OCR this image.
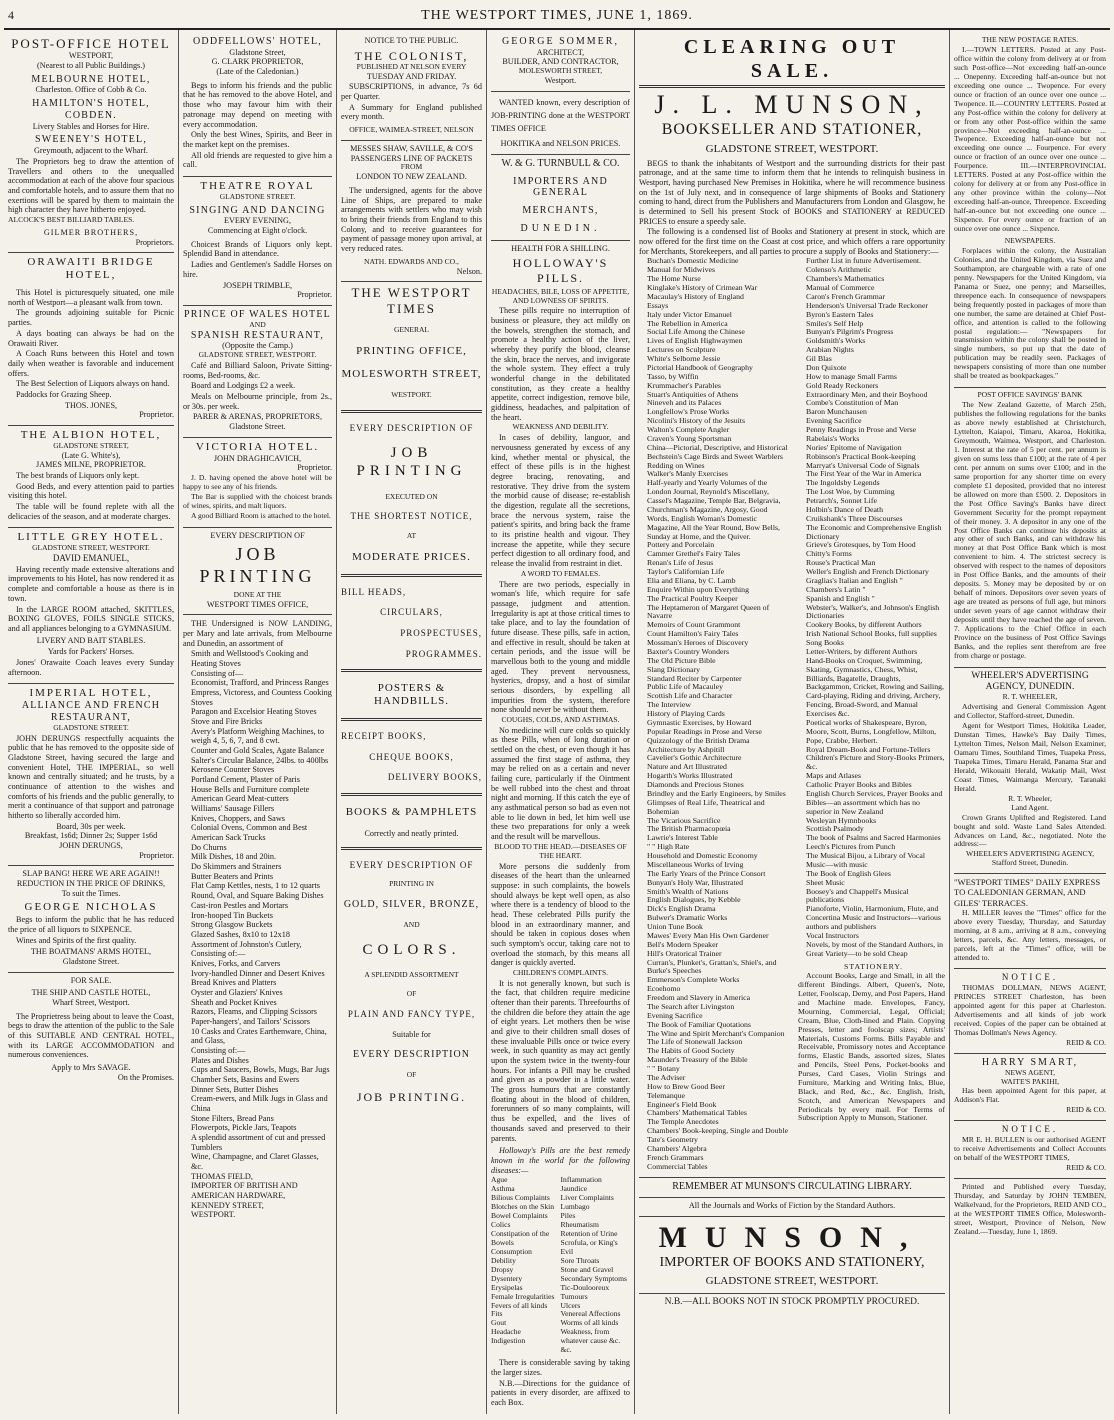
4	THE WESTPORT TIMES, JUNE 1, 1869.
POST-OFFICE HOTEL
WESTPORT,
(Nearest to all Public Buildings.)
MELBOURNE HOTEL,
Charleston. Office of Cobb & Co.
HAMILTON'S HOTEL, COBDEN.
Livery Stables and Horses for Hire.
SWEENEY'S HOTEL,
Greymouth, adjacent to the Wharf.

The Proprietors beg to draw the attention of Travellers and others to the unequalled accommodation at each of the above four spacious and comfortable hotels, and to assure them that no exertions will be spared by them to maintain the high character they have hitherto enjoyed.

ALCOCK'S BEST BILLIARD TABLES.
GILMER BROTHERS,
Proprietors.
ORAWAITI BRIDGE HOTEL,

This Hotel is picturesquely situated, one mile north of Westport—a pleasant walk from town.

The grounds adjoining suitable for Picnic parties.

A days boating can always be had on the Orawaiti River.

A Coach Runs between this Hotel and town daily when weather is favorable and inducement offers.

The Best Selection of Liquors always on hand.

Paddocks for Grazing Sheep.

THOS. JONES,
Proprietor.
THE ALBION HOTEL,
GLADSTONE STREET,
(Late G. White's),
JAMES MILNE, PROPRIETOR.

The best brands of Liquors only kept.

Good Beds, and every attention paid to parties visiting this hotel.

The table will be found replete with all the delicacies of the season, and at moderate charges.

LITTLE GREY HOTEL.
GLADSTONE STREET, WESTPORT.
DAVID EMANUEL,

Having recently made extensive alterations and improvements to his Hotel, has now rendered it as complete and comfortable a house as there is in town.

In the LARGE ROOM attached, SKITTLES, BOXING GLOVES, FOILS SINGLE STICKS, and all appliances belonging to a GYMNASIUM.

LIVERY AND BAIT STABLES.
Yards for Packers' Horses.

Jones' Orawaite Coach leaves every Sunday afternoon.

IMPERIAL HOTEL,
ALLIANCE AND FRENCH
RESTAURANT,
GLADSTONE STREET.

JOHN DERUNGS respectfully acquaints the public that he has removed to the opposite side of Gladstone Street, having secured the large and convenient Hotel, THE IMPERIAL, so well known and centrally situated; and he trusts, by a continuance of attention to the wishes and comforts of his friends and the public generally, to merit a continuance of that support and patronage hitherto so liberally accorded him.

Board, 30s per week.
Breakfast, 1s6d; Dinner 2s; Supper 1s6d
JOHN DERUNGS,
Proprietor.
SLAP BANG! HERE WE ARE AGAIN!!
REDUCTION IN THE PRICE OF DRINKS,
To suit the Times.
GEORGE NICHOLAS

Begs to inform the public that he has reduced the price of all liquors to SIXPENCE.

Wines and Spirits of the first quality.

THE BOATMANS' ARMS HOTEL,
Gladstone Street.
FOR SALE.
THE SHIP AND CASTLE HOTEL,
Wharf Street, Westport.

The Proprietress being about to leave the Coast, begs to draw the attention of the public to the Sale of this SUITABLE AND CENTRAL HOTEL, with its LARGE ACCOMMODATION and numerous conveniences.

Apply to Mrs SAVAGE.
On the Promises.
ODDFELLOWS' HOTEL,
Gladstone Street,
G. CLARK PROPRIETOR,
(Late of the Caledonian.)

Begs to inform his friends and the public that he has removed to the above Hotel, and those who may favour him with their patronage may depend on meeting with every accommodation.

Only the best Wines, Spirits, and Beer in the market kept on the premises.

All old friends are requested to give him a call.

THEATRE ROYAL
GLADSTONE STREET.
SINGING AND DANCING
EVERY EVENING,
Commencing at Eight o'clock.

Choicest Brands of Liquors only kept. Splendid Band in attendance.

Ladies and Gentlemen's Saddle Horses on hire.

JOSEPH TRIMBLE,
Proprietor.
PRINCE OF WALES HOTEL
AND
SPANISH RESTAURANT,
(Opposite the Camp.)
GLADSTONE STREET, WESTPORT.

Café and Billiard Saloon, Private Sitting-rooms, Bed-rooms, &c.

Board and Lodgings £2 a week.

Meals on Melbourne principle, from 2s., or 30s. per week.

PARER & ARENAS, PROPRIETORS,
Gladstone Street.
VICTORIA HOTEL.
JOHN DRAGHICAVICH,
Proprietor.

J. D. having opened the above hotel will be happy to see any of his friends.

The Bar is supplied with the choicest brands of wines, spirits, and malt liquors.

A good Billiard Room is attached to the hotel.

EVERY DESCRIPTION OF
JOB PRINTING
DONE AT THE
WESTPORT TIMES OFFICE,

THE Undersigned is NOW LANDING, per Mary and late arrivals, from Melbourne and Dunedin, an assortment of

Smith and Wellstood's Cooking and Heating Stoves
Consisting of—
Economist, Trafford, and Princess Ranges
Empress, Victoress, and Countess Cooking Stoves
Paragon and Excelsior Heating Stoves
Stove and Fire Bricks
Avery's Platform Weighing Machines, to weigh 4, 5, 6, 7, and 8 cwt.
Counter and Gold Scales, Agate Balance
Salter's Circular Balance, 24lbs. to 400lbs
Kerosene Counter Stoves
Portland Cement, Plaster of Paris
House Bells and Furniture complete
American Geard Meat-cutters
Williams' Sausage Fillers
Knives, Choppers, and Saws
Colonial Ovens, Common and Best
American Sack Trucks
Do Churns
Milk Dishes, 18 and 20in.
Do Skimmers and Strainers
Butter Beaters and Prints
Flat Camp Kettles, nests, 1 to 12 quarts
Round, Oval, and Square Baking Dishes
Cast-iron Pestles and Mortars
Iron-hooped Tin Buckets
Strong Glasgow Buckets
Glazed Sashes, 8x10 to 12x18
Assortment of Johnston's Cutlery, Consisting of:—
Knives, Forks, and Carvers
Ivory-handled Dinner and Desert Knives
Bread Knives and Platters
Oyster and Glaziers' Knives
Sheath and Pocket Knives
Razors, Fleams, and Clipping Scissors
Paper-hangers', and Tailors' Scissors
10 Casks and Crates Earthenware, China, and Glass,
Consisting of:—
Plates and Dishes
Cups and Saucers, Bowls, Mugs, Bar Jugs
Chamber Sets, Basins and Ewers
Dinner Sets, Butter Dishes
Cream-ewers, and Milk Jugs in Glass and China
Stone Filters, Bread Pans
Flowerpots, Pickle Jars, Teapots
A splendid assortment of cut and pressed Tumblers
Wine, Champagne, and Claret Glasses, &c.
THOMAS FIELD,
IMPORTER OF BRITISH AND AMERICAN HARDWARE,
KENNEDY STREET,
WESTPORT.
NOTICE TO THE PUBLIC.
THE COLONIST,
PUBLISHED AT NELSON EVERY
TUESDAY AND FRIDAY.

SUBSCRIPTIONS, in advance, 7s 6d per Quarter.

A Summary for England published every month.

OFFICE, WAIMEA-STREET, NELSON
MESSES SHAW, SAVILLE, & CO'S PASSENGERS LINE OF PACKETS
FROM
LONDON TO NEW ZEALAND.

The undersigned, agents for the above Line of Ships, are prepared to make arrangements with settlers who may wish to bring their friends from England to this Colony, and to receive guarantees for payment of passage money upon arrival, at very reduced rates.

NATH. EDWARDS AND CO.,
Nelson.
THE WESTPORT TIMES
GENERAL
PRINTING OFFICE,
MOLESWORTH STREET,
WESTPORT.
EVERY DESCRIPTION OF
JOB PRINTING
EXECUTED ON
THE SHORTEST NOTICE,
AT
MODERATE PRICES.
BILL HEADS,
CIRCULARS,
PROSPECTUSES,
PROGRAMMES.
POSTERS & HANDBILLS.
RECEIPT BOOKS,
CHEQUE BOOKS,
DELIVERY BOOKS,
BOOKS & PAMPHLETS
Correctly and neatly printed.
EVERY DESCRIPTION OF
PRINTING IN
GOLD, SILVER, BRONZE,
AND
COLORS.
A SPLENDID ASSORTMENT
OF
PLAIN AND FANCY TYPE,
Suitable for
EVERY DESCRIPTION
OF
JOB PRINTING.
GEORGE SOMMER,
ARCHITECT,
BUILDER, AND CONTRACTOR,
MOLESWORTH STREET,
Westport.

WANTED known, every description of JOB-PRINTING done at the WESTPORT TIMES OFFICE

HOKITIKA and NELSON PRICES.
W. & G. TURNBULL & CO.
IMPORTERS AND GENERAL
MERCHANTS,
DUNEDIN.
HEALTH FOR A SHILLING.
HOLLOWAY'S PILLS.
HEADACHES, BILE, LOSS OF APPETITE, AND LOWNESS OF SPIRITS.

These pills require no interruption of business or pleasure, they act mildly on the bowels, strengthen the stomach, and promote a healthy action of the liver, whereby they purify the blood, cleanse the skin, brace the nerves, and invigorate the whole system. They effect a truly wonderful change in the debilitated constitution, as they create a healthy appetite, correct indigestion, remove bile, giddiness, headaches, and palpitation of the heart.

WEAKNESS AND DEBILITY.

In cases of debility, languor, and nervousness generated by excess of any kind, whether mental or physical, the effect of these pills is in the highest degree bracing, renovating, and restorative. They drive from the system the morbid cause of disease; re-establish the digestion, regulate all the secretions, brace the nervous system, raise the patient's spirits, and bring back the frame to its pristine health and vigour. They increase the appetite, while they secure perfect digestion to all ordinary food, and release the invalid from restraint in diet.

A WORD TO FEMALES.

There are two periods, especially in woman's life, which require for safe passage, judgment and attention. Irregularity is apt at those critical times to take place, and to lay the foundation of future disease. These pills, safe in action, and effective in result, should be taken at certain periods, and the issue will be marvellous both to the young and middle aged. They prevent nervousness, hysterics, dropsy, and a host of similar serious disorders, by expelling all impurities from the system, therefore none should never be without them.

COUGHS, COLDS, AND ASTHMAS.

No medicine will cure colds so quickly as these Pills, when of long duration or settled on the chest, or even though it has assumed the first stage of asthma, they may be relied on as a certain and never failing cure, particularly if the Ointment be well rubbed into the chest and throat night and morning. If this catch the eye of any asthmatical person so bad as even not able to lie down in bed, let him well use these two preparations for only a week and the result will be marvellous.

BLOOD TO THE HEAD.—DISEASES OF THE HEART.

More persons die suddenly from diseases of the heart than the unlearned suppose: in such complaints, the bowels should always be kept well open, as also where there is a tendency of blood to the head. These celebrated Pills purify the blood in an extraordinary manner, and should be taken in copious doses when such symptom's occur, taking care not to overload the stomach, by this means all danger is quickly averted.

CHILDREN'S COMPLAINTS.

It is not generally known, but such is the fact, that children require medicine oftener than their parents. Threefourths of the children die before they attain the age of eight years. Let mothers then be wise and give to their children small doses of these invaluable Pills once or twice every week, in such quantity as may act gently upon the system twice in the twenty-four hours. For infants a Pill may be crushed and given as a powder in a little water. The gross humours that are constantly floating about in the blood of children, forerunners of so many complaints, will thus be expelled, and the lives of thousands saved and preserved to their parents.

Holloway's Pills are the best remedy known in the world for the following diseases:—

Ague
Asthma
Bilious Complaints
Blotches on the Skin
Bowel Complaints
Colics
Constipation of the Bowels
Consumption
Debility
Dropsy
Dysentery
Erysipelas
Female Irregularities
Fevers of all kinds
Fits
Gout
Headache
Indigestion
Inflammation
Jaundice
Liver Complaints
Lumbago
Piles
Rheumatism
Retention of Urine
Scrofula, or King's Evil
Sore Throats
Stone and Gravel
Secondary Symptoms
Tic-Doulooreux
Tumours
Ulcers
Venereal Affections
Worms of all kinds
Weakness, from whatever cause &c. &c.

There is considerable saving by taking the larger sizes.

N.B.—Directions for the guidance of patients in every disorder, are affixed to each Box.

CLEARING OUT SALE.
J. L. MUNSON,
BOOKSELLER AND STATIONER,
GLADSTONE STREET, WESTPORT.

BEGS to thank the inhabitants of Westport and the surrounding districts for their past patronage, and at the same time to inform them that he intends to relinquish business in Westport, having purchased New Premises in Hokitika, where he will recommence business on the 1st of July next, and in consequence of large shipments of Books and Stationery coming to hand, direct from the Publishers and Manufacturers from London and Glasgow, he is determined to Sell his present Stock of BOOKS and STATIONERY at REDUCED PRICES to ensure a speedy sale.

The following is a condensed list of Books and Stationery at present in stock, which are now offered for the first time on the Coast at cost price, and which offers a rare opportunity for Merchants, Storekeepers, and all parties to procure a supply of Books and Stationery:—

Buchan's Domestic Medicine
Manual for Midwives
The Home Nurse
Kinglake's History of Crimean War
Macaulay's History of England
Essays
Italy under Victor Emanuel
The Rebellion in America
Social Life Among the Chinese
Lives of English Highwaymen
Lectures on Sculpture
White's Selborne Jessie
Pictorial Handbook of Geography
Tasso, by Wiffin
Krummacher's Parables
Stuart's Antiquities of Athens
Nineveh and its Palaces
Longfellow's Prose Works
Nicolini's History of the Jesuits
Walton's Complete Angler
Craven's Young Sportsman
China—Pictorial, Descriptive, and Historical
Bechstein's Cage Birds and Sweet Warblers
Redding on Wines
Walker's Manly Exercises
Half-yearly and Yearly Volumes of the London Journal, Reynold's Miscellany, Cassel's Magazine, Temple Bar, Belgravia, Churchman's Magazine, Argosy, Good Words, English Woman's Domestic Magazine, All the Year Round, Bow Bells, Sunday at Home, and the Quiver.
Pottery and Porcelain
Cammer Grethel's Fairy Tales
Renan's Life of Jesus
Taylor's Californian Life
Elia and Eliana, by C. Lamb
Enquire Within upon Everything
The Practical Poultry Keeper
The Heptameron of Margaret Queen of Navarre
Memoirs of Count Grammont
Count Hamilton's Fairy Tales
Mossman's Heroes of Discovery
Baxter's Country Wonders
The Old Picture Bible
Slang Dictionary
Standard Reciter by Carpenter
Public Life of Macauley
Scottish Life and Character
The Interview
History of Playing Cards
Gymnastic Exercises, by Howard
Popular Readings in Prose and Verse
Quizzology of the British Drama
Architecture by Ashpitill
Cavelier's Gothic Architecture
Nature and Art Illustrated
Hogarth's Works Illustrated
Diamonds and Precious Stones
Brindley and the Early Engineers, by Smiles
Glimpses of Real Life, Theatrical and Bohemian
The Vicarious Sacrifice
The British Pharmacopœia
Lawrie's Interest Table
" " High Rate
Household and Domestic Economy
Miscellaneous Works of Irving
The Early Years of the Prince Consort
Bunyan's Holy War, Illustrated
Smith's Wealth of Nations
English Dialogues, by Kebble
Dick's English Drama
Bulwer's Dramatic Works
Union Tune Book
Mawes' Every Man His Own Gardener
Bell's Modern Speaker
Hill's Oratorical Trainer
Curran's, Plunket's, Grattan's, Shiel's, and Burke's Speeches
Emmerson's Complete Works
Ecoehomo
Freedom and Slavery in America
The Search after Livingston
Evening Sacrifice
The Book of Familiar Quotations
The Wine and Spirit Merchant's Companion
The Life of Stonewall Jackson
The Habits of Good Society
Maunder's Treasury of the Bible
" " Botany
The Adviser
How to Brew Good Beer
Telemanque
Engineer's Field Book
Chambers' Mathematical Tables
The Temple Anecdotes
Chambers' Book-keeping, Single and Double
Tate's Geometry
Chambers' Algebra
French Grammars
Commercial Tables
Further List in future Advertisement.
Colenso's Arithmetic
Chambers's Mathematics
Manual of Commerce
Caron's French Grammar
Henderson's Universal Trade Reckoner
Byron's Eastern Tales
Smiles's Self Help
Bunyan's Pilgrim's Progress
Goldsmith's Works
Arabian Nights
Gil Blas
Don Quixote
How to manage Small Farms
Gold Ready Reckoners
Extraordinary Men, and their Boyhood
Combe's Constitution of Man
Baron Munchausen
Evening Sacrifice
Penny Readings in Prose and Verse
Rabelais's Works
Nories' Epitome of Navigation
Robinson's Practical Book-keeping
Marryat's Universal Code of Signals
The First Year of the War in America
The Ingoldsby Legends
The Lost Woe, by Cumming
Petrarch's, Sonnet Life
Holbin's Dance of Death
Cruikshank's Three Discourses
The Economic and Comprehensive English Dictionary
Grieve's Grotesques, by Tom Hood
Chitty's Forms
Rouse's Practical Man
Weller's English and French Dictionary
Graglias's Italian and English "
Chambers's Latin "
Spanish and English "
Webster's, Walker's, and Johnson's English Dictionaries
Cookery Books, by different Authors
Irish National School Books, full supplies
Song Books
Letter-Writers, by different Authors
Hand-Books on Croquet, Swimming, Skating, Gymnastics, Chess, Whist, Billiards, Bagatelle, Draughts, Backgammon, Cricket, Rowing and Sailing, Card-playing, Riding and driving, Archery, Fencing, Broad-Sword, and Manual Exercises &c.
Poetical works of Shakespeare, Byron, Moore, Scott, Burns, Longfellow, Milton, Pope, Crabbe, Herbert.
Royal Dream-Book and Fortune-Tellers
Children's Picture and Story-Books Primers, &c.
Maps and Atlases
Catholic Prayer Books and Bibles
English Church Services, Prayer Books and Bibles—an assortment which has no superior in New Zealand
Wesleyan Hymnbooks
Scottish Psalmody
The book of Psalms and Sacred Harmonies
Leech's Pictures from Punch
The Musical Bijou, a Library of Vocal Music—with music
The Book of English Glees
Sheet Music
Boosey's and Chappell's Musical publications
Pianoforte, Violin, Harmonium, Flute, and Concertina Music and Instructors—various authors and publishers
Vocal Instructors
Novels, by most of the Standard Authors, in Great Variety—to be sold Cheap
STATIONERY.

Account Books, Large and Small, in all the different Bindings. Albert, Queen's, Note, Letter, Foolscap, Demy, and Post Papers, Hand and Machine made. Envelopes, Fancy, Mourning, Commercial, Legal, Official; Cream, Blue, Cloth-lined and Plain. Copying Presses, letter and foolscap sizes; Artists' Materials, Customs Forms. Bills Payable and Receivable, Promissory notes and Acceptance forms, Elastic Bands, assorted sizes, Slates and Pencils, Steel Pens, Pocket-books and Purses, Card Cases, Violin Strings and Furniture, Marking and Writing Inks, Blue, Black, and Red, &c., &c. English, Irish, Scotch, and American Newspapers and Periodicals by every mail. For Terms of Subscription Apply to Munson, Stationer.

REMEMBER AT MUNSON'S CIRCULATING LIBRARY.
All the Journals and Works of Fiction by the Standard Authors.
MUNSON,
IMPORTER OF BOOKS AND STATIONERY,
GLADSTONE STREET, WESTPORT.
N.B.—ALL BOOKS NOT IN STOCK PROMPTLY PROCURED.
THE NEW POSTAGE RATES.

I.—TOWN LETTERS. Posted at any Post-office within the colony from delivery at or from such Post-office—Not exceeding half-an-ounce ... Onepenny. Exceeding half-an-ounce but not exceeding one ounce ... Twopence. For every ounce or fraction of an ounce over one ounce ... Twopence. II.—COUNTRY LETTERS. Posted at any Post-office within the colony for delivery at or from any other Post-office within the same province—Not exceeding half-an-ounce ... Twopence. Exceeding half-an-ounce but not exceeding one ounce ... Fourpence. For every ounce or fraction of an ounce over one ounce ... Fourpence. III.—INTERPROVINCIAL LETTERS. Posted at any Post-office within the colony for delivery at or from any Post-office in any other province within the colony—Not exceeding half-an-ounce, Threepence. Exceeding half-an-ounce but not exceeding one ounce ... Sixpence. For every ounce or fraction of an ounce over one ounce ... Sixpence.

NEWSPAPERS.

Forplaces within the colony, the Australian Colonies, and the United Kingdom, via Suez and Southampton, are chargeable with a rate of one penny. Newspapers for the United Kingdom, via Panama or Suez, one penny; and Marseilles, threepence each. In consequence of newspapers being frequently posted in packages of more than one number, the same are detained at Chief Post-office, and attention is called to the following postal regulation:— "Newspapers for transmission within the colony shall be posted in single numbers, so put up that the date of publication may be readily seen. Packages of newspapers consisting of more than one number shall be treated as bookpackages."

POST OFFICE SAVINGS' BANK

The New Zealand Gazette, of March 25th, publishes the following regulations for the banks as above newly established at Christchurch, Lyttelton, Kaiapoi, Timaru, Akaroa, Hokitika, Greymouth, Waimea, Westport, and Charleston. 1. Interest at the rate of 5 per cent. per annum is given on sums less than £100; at the rate of 4 per cent. per annum on sums over £100; and in the same proportion for any shorter time on every complete £1 deposited, provided that no interest be allowed on more than £500. 2. Depositors in the Post Office Saving's Banks have direct Government Security for the prompt repayment of their money. 3. A depositor in any one of the Post Office Banks can continue his deposits at any other of such Banks, and can withdraw his money at that Post Office Bank which is most convenient to him. 4. The strictest secrecy is observed with respect to the names of depositors in Post Office Banks, and the amounts of their deposits. 5. Money may be deposited by or on behalf of minors. Depositors over seven years of age are treated as persons of full age, but minors under seven years of age cannot withdraw their deposits until they have reached the age of seven. 7. Applications to the Chief Office in each Province on the business of Post Office Savings Banks, and the replies sent therefrom are free from charge or postage.

WHEELER'S ADVERTISING AGENCY, DUNEDIN.
R. T. WHEELER,

Advertising and General Commission Agent and Collector, Stafford-street, Dunedin.

Agent for Westport Times, Hokitika Leader, Dunstan Times, Hawke's Bay Daily Times, Lyttelton Times, Nelson Mail, Nelson Examiner, Oamaru Times, Southland Times, Tuapeka Press, Tuapeka Times, Timaru Herald, Panama Star and Herald, Wikouaiti Herald, Wakatip Mail, West Coast Times, Waimanga Mercury, Taranaki Herald.

R. T. Wheeler,
Land Agent.

Crown Grants Uplifted and Registered. Land bought and sold. Waste Land Sales Attended. Advances on Land, &c., negotiated. Note the address:—

WHEELER'S ADVERTISING AGENCY,
Stafford Street, Dunedin.
"WESTPORT TIMES" DAILY EXPRESS TO CALEDONIAN GERMAN, AND GILES' TERRACES.

H. MILLER leaves the "Times" office for the above every Tuesday, Thursday, and Saturday morning, at 8 a.m., arriving at 8 a.m., conveying letters, parcels, &c. Any letters, messages, or parcels, left at the "Times" office, will be attended to.

NOTICE.

THOMAS DOLLMAN, NEWS AGENT, PRINCES STREET Charleston, has been appointed agent for this paper at Charleston. Advertisements and all kinds of job work received. Copies of the paper can be obtained at Thomas Dollman's News Agency.

REID & CO.
HARRY SMART,
NEWS AGENT,
WAITE'S PAKIHI,

Has been appointed Agent for this paper, at Addison's Flat.

REID & CO.
NOTICE.

MR E. H. BULLEN is our authorised AGENT to receive Advertisements and Collect Accounts on behalf of the WESTPORT TIMES,

REID & CO.

Printed and Published every Tuesday, Thursday, and Saturday by JOHN TEMBEN, Walkelvaud, for the Proprietors, REID AND CO., at the WESTPORT TIMES Office, Molesworth-street, Westport, Province of Nelson, New Zealand.—Tuesday, June 1, 1869.
